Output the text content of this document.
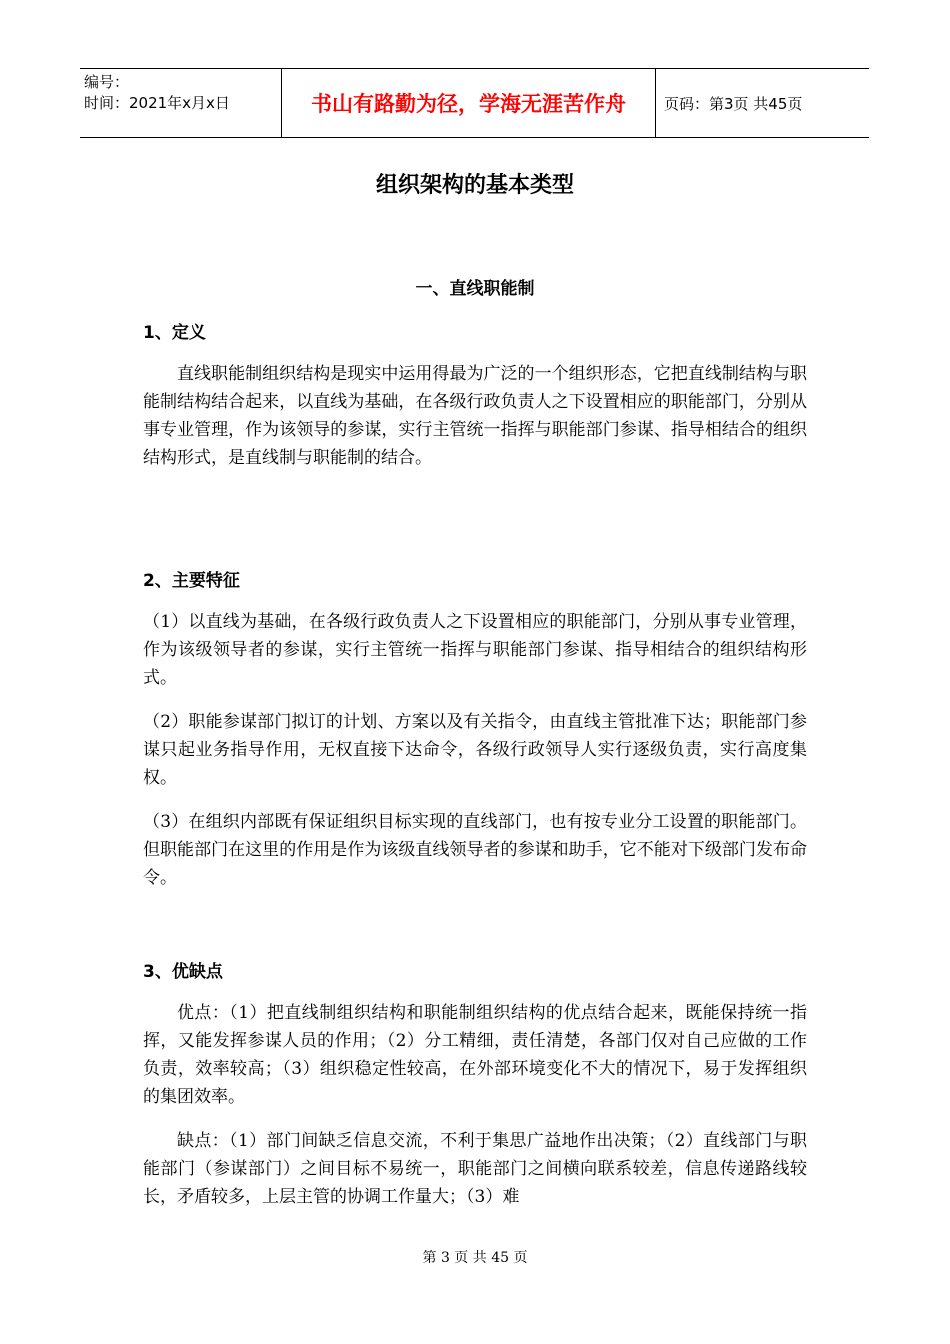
编号：
时间：2021年x月x日	书山有路勤为径，学海无涯苦作舟	页码：第3页 共45页
组织架构的基本类型
一、直线职能制
1、定义

直线职能制组织结构是现实中运用得最为广泛的一个组织形态，它把直线制结构与职能制结构结合起来，以直线为基础，在各级行政负责人之下设置相应的职能部门，分别从事专业管理，作为该领导的参谋，实行主管统一指挥与职能部门参谋、指导相结合的组织结构形式，是直线制与职能制的结合。

2、主要特征

（1）以直线为基础，在各级行政负责人之下设置相应的职能部门，分别从事专业管理，作为该级领导者的参谋，实行主管统一指挥与职能部门参谋、指导相结合的组织结构形式。

（2）职能参谋部门拟订的计划、方案以及有关指令，由直线主管批准下达；职能部门参谋只起业务指导作用，无权直接下达命令，各级行政领导人实行逐级负责，实行高度集权。

（3）在组织内部既有保证组织目标实现的直线部门，也有按专业分工设置的职能部门。但职能部门在这里的作用是作为该级直线领导者的参谋和助手，它不能对下级部门发布命令。

3、优缺点

优点：（1）把直线制组织结构和职能制组织结构的优点结合起来，既能保持统一指挥，又能发挥参谋人员的作用；（2）分工精细，责任清楚，各部门仅对自己应做的工作负责，效率较高；（3）组织稳定性较高，在外部环境变化不大的情况下，易于发挥组织的集团效率。

缺点：（1）部门间缺乏信息交流，不利于集思广益地作出决策；（2）直线部门与职能部门（参谋部门）之间目标不易统一，职能部门之间横向联系较差，信息传递路线较长，矛盾较多，上层主管的协调工作量大；（3）难

第 3 页 共 45 页
